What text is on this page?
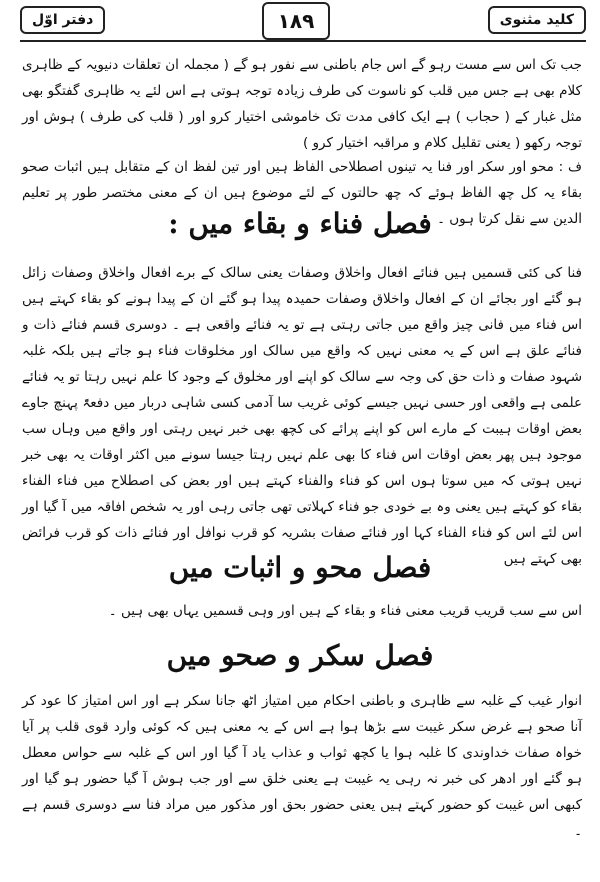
دفتر اوّل	۱۸۹	کلید مثنوی
جب تک اس سے مست رہو گے اس جام باطنی سے نفور ہو گے ( مجملہ ان تعلقات دنیویہ کے ظاہری کلام بھی ہے جس میں قلب کو ناسوت کی طرف زیادہ توجہ ہوتی ہے اس لئے یہ ظاہری گفتگو بھی مثل غبار کے ( حجاب ) ہے ایک کافی مدت تک خاموشی اختیار کرو اور ( قلب کی طرف ) ہوش اور توجہ رکھو ( یعنی تقلیل کلام و مراقبہ اختیار کرو )
ف : محو اور سکر اور فنا یہ تینوں اصطلاحی الفاظ ہیں اور تین لفظ ان کے متقابل ہیں اثبات صحو بقاء یہ کل چھ الفاظ ہوئے کہ چھ حالتوں کے لئے موضوع ہیں ان کے معنی مختصر طور پر تعلیم الدین سے نقل کرتا ہوں ۔
فصل فناء و بقاء میں :
فنا کی کئی قسمیں ہیں فنائے افعال واخلاق وصفات یعنی سالک کے برے افعال واخلاق وصفات زائل ہو گئے اور بجائے ان کے افعال واخلاق وصفات حمیدہ پیدا ہو گئے ان کے پیدا ہونے کو بقاء کہتے ہیں اس فناء میں فانی چیز واقع میں جاتی رہتی ہے تو یہ فنائے واقعی ہے ۔ دوسری قسم فنائے ذات و فنائے علق ہے اس کے یہ معنی نہیں کہ واقع میں سالک اور مخلوقات فناء ہو جاتے ہیں بلکہ غلبہ شہود صفات و ذات حق کی وجہ سے سالک کو اپنے اور مخلوق کے وجود کا علم نہیں رہتا تو یہ فنائے علمی ہے واقعی اور حسی نہیں جیسے کوئی غریب سا آدمی کسی شاہی دربار میں دفعۃً پہنچ جاوے بعض اوقات ہیبت کے مارے اس کو اپنے پرائے کی کچھ بھی خبر نہیں رہتی اور واقع میں وہاں سب موجود ہیں پھر بعض اوقات اس فناء کا بھی علم نہیں رہتا جیسا سونے میں اکثر اوقات یہ بھی خبر نہیں ہوتی کہ میں سوتا ہوں اس کو فناء والفناء کہتے ہیں اور بعض کی اصطلاح میں فناء الفناء بقاء کو کہتے ہیں یعنی وہ بے خودی جو فناء کہلاتی تھی جاتی رہی اور یہ شخص افاقہ میں آ گیا اور اس لئے اس کو فناء الفناء کہا اور فنائے صفات بشریہ کو قرب نوافل اور فنائے ذات کو قرب فرائض بھی کہتے ہیں
فصل محو و اثبات میں
اس سے سب قریب قریب معنی فناء و بقاء کے ہیں اور وہی قسمیں یہاں بھی ہیں ۔
فصل سکر و صحو میں
انوار غیب کے غلبہ سے ظاہری و باطنی احکام میں امتیاز اٹھ جانا سکر ہے اور اس امتیاز کا عود کر آنا صحو ہے غرض سکر غیبت سے بڑھا ہوا ہے اس کے یہ معنی ہیں کہ کوئی وارد قوی قلب پر آیا خواہ صفات خداوندی کا غلبہ ہوا یا کچھ ثواب و عذاب یاد آ گیا اور اس کے غلبہ سے حواس معطل ہو گئے اور ادھر کی خبر نہ رہی یہ غیبت ہے یعنی خلق سے اور جب ہوش آ گیا حضور ہو گیا اور کبھی اس غیبت کو حضور کہتے ہیں یعنی حضور بحق اور مذکور میں مراد فنا سے دوسری قسم ہے ۔
